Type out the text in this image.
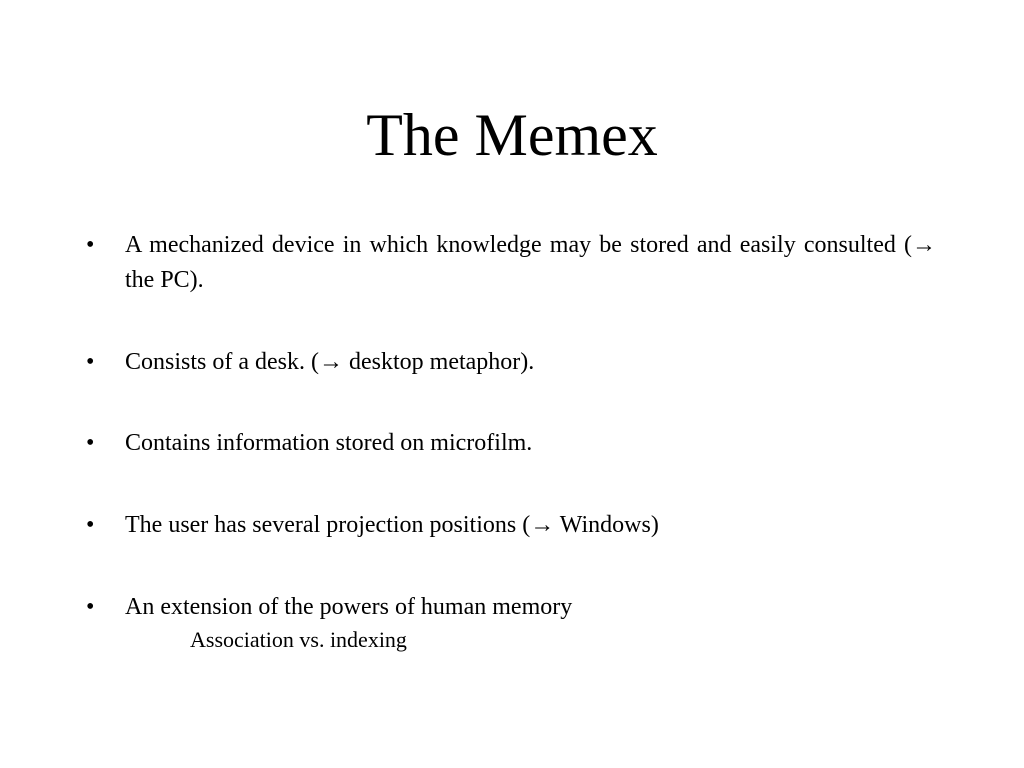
The Memex
•	A mechanized device in which knowledge may be stored and easily consulted (→ the PC).
•	Consists of a desk. (→ desktop metaphor).
•	Contains information stored on microfilm.
•	The user has several projection positions (→ Windows)
•	An extension of the powers of human memory
Association vs. indexing
